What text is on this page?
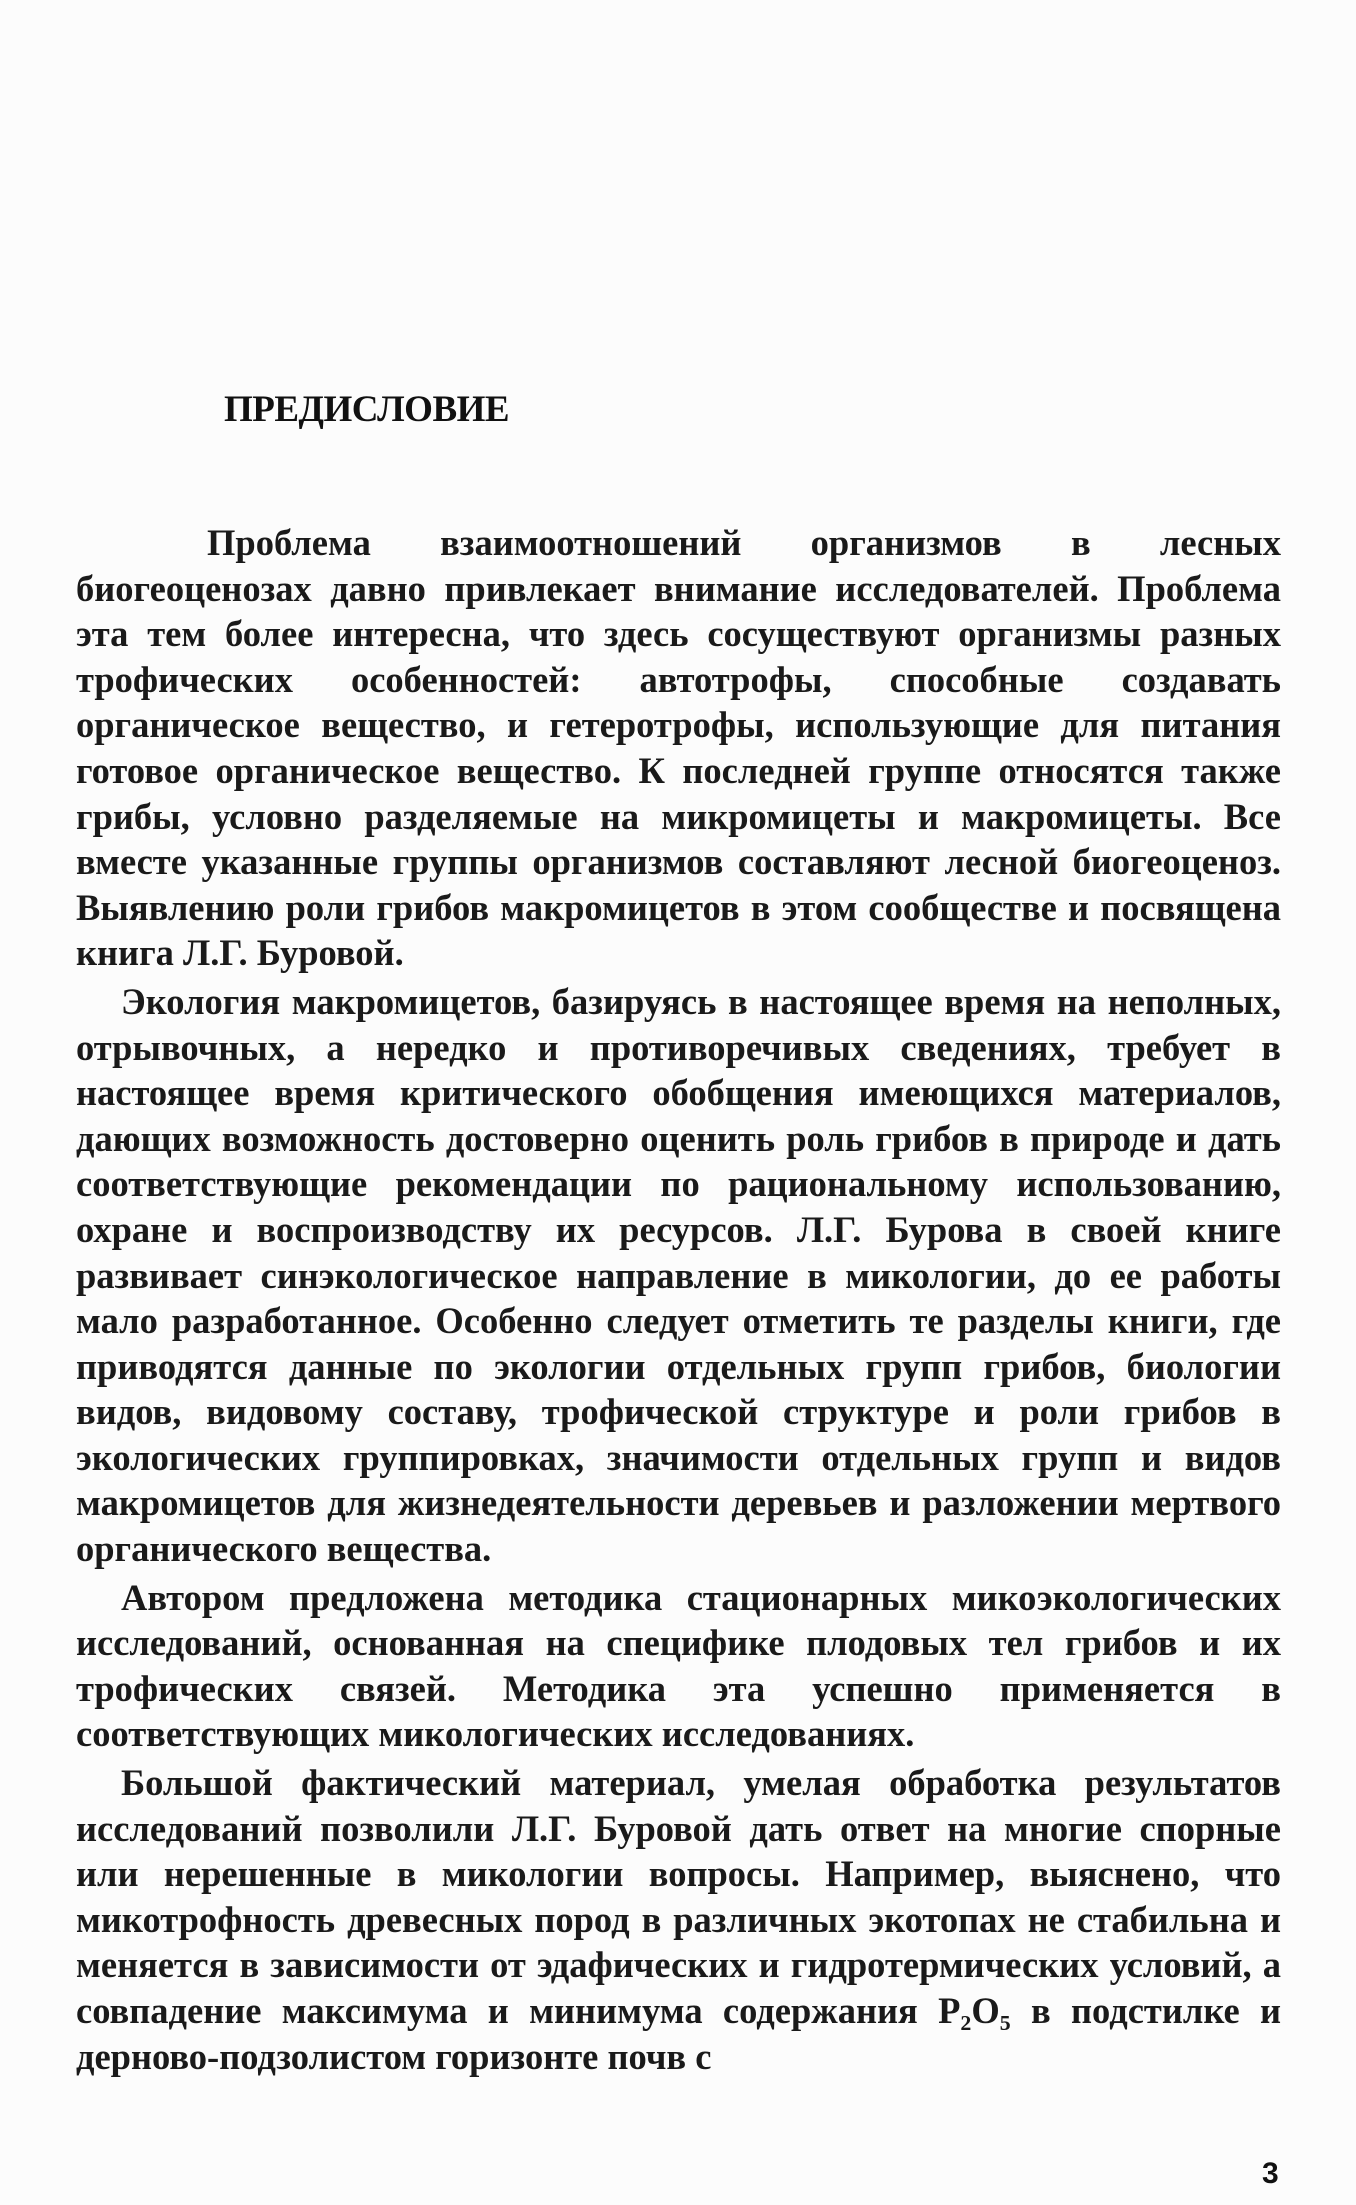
ПРЕДИСЛОВИЕ

Проблема взаимоотношений организмов в лесных биогеоценозах давно привлекает внимание исследователей. Проблема эта тем более интересна, что здесь сосуществуют организмы разных трофических особенностей: автотрофы, способные создавать органическое вещество, и гетеротрофы, использующие для питания готовое органическое вещество. К последней группе относятся также грибы, условно разделяемые на микромицеты и макромицеты. Все вместе указанные группы организмов составляют лесной биогеоценоз. Выявлению роли грибов макромицетов в этом сообществе и посвящена книга Л.Г. Буровой.

Экология макромицетов, базируясь в настоящее время на неполных, отрывочных, а нередко и противоречивых сведениях, требует в настоящее время критического обобщения имеющихся материалов, дающих возможность достоверно оценить роль грибов в природе и дать соответствующие рекомендации по рациональному использованию, охране и воспроизводству их ресурсов. Л.Г. Бурова в своей книге развивает синэкологическое направление в микологии, до ее работы мало разработанное. Особенно следует отметить те разделы книги, где приводятся данные по экологии отдельных групп грибов, биологии видов, видовому составу, трофической структуре и роли грибов в экологических группировках, значимости отдельных групп и видов макромицетов для жизнедеятельности деревьев и разложении мертвого органического вещества.

Автором предложена методика стационарных микоэкологических исследований, основанная на специфике плодовых тел грибов и их трофических связей. Методика эта успешно применяется в соответствующих микологических исследованиях.

Большой фактический материал, умелая обработка результатов исследований позволили Л.Г. Буровой дать ответ на многие спорные или нерешенные в микологии вопросы. Например, выяснено, что микотрофность древесных пород в различных экотопах не стабильна и меняется в зависимости от эдафических и гидротермических условий, а совпадение максимума и минимума содержания P₂O₅ в подстилке и дерново-подзолистом горизонте почв с

3
